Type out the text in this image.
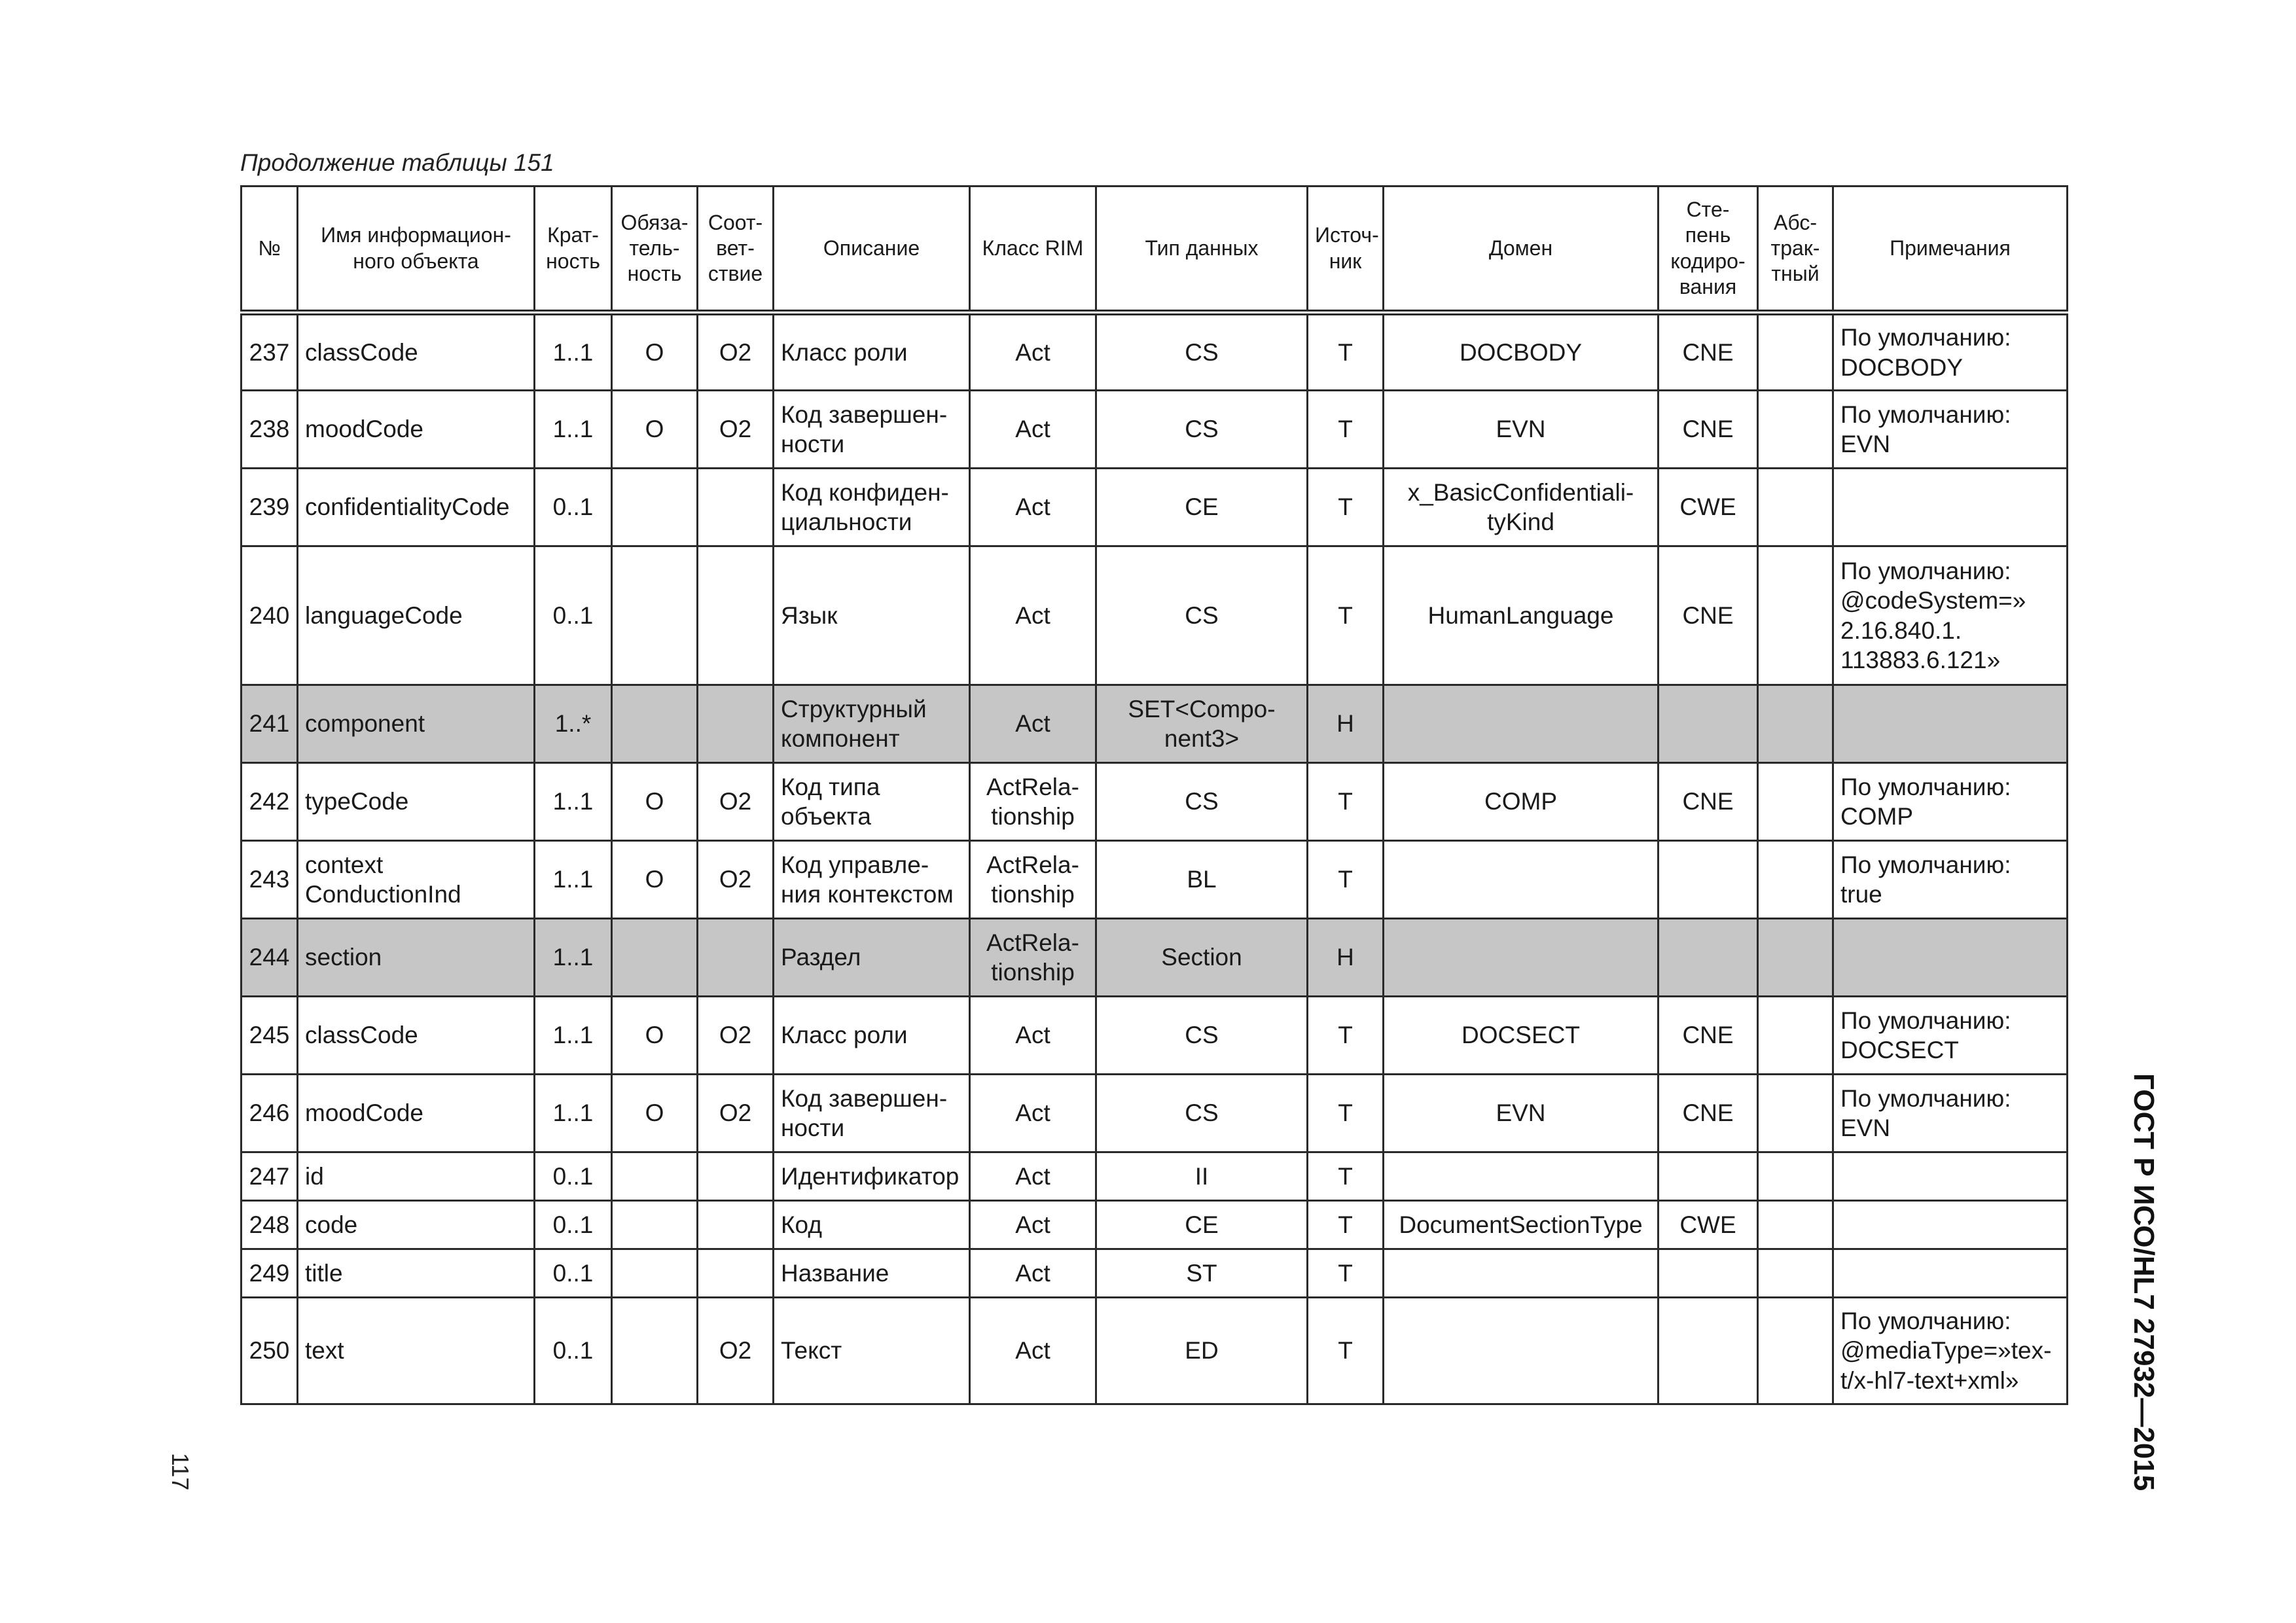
Продолжение таблицы 151
№	Имя информацион-
ного объекта	Крат-
ность	Обяза-
тель-
ность	Соот-
вет-
ствие	Описание	Класс RIM	Тип данных	Источ-
ник	Домен	Сте-
пень
кодиро-
вания	Абс-
трак-
тный	Примечания
237	classCode	1..1	O	O2	Класс роли	Act	CS	T	DOCBODY	CNE		По умолчанию:
DOCBODY
238	moodCode	1..1	O	O2	Код завершен-
ности	Act	CS	T	EVN	CNE		По умолчанию:
EVN
239	confidentialityCode	0..1			Код конфиден-
циальности	Act	CE	T	x_BasicConfidentiali-
tyKind	CWE		
240	languageCode	0..1			Язык	Act	CS	T	HumanLanguage	CNE		По умолчанию:
@codeSystem=»
2.16.840.1.
113883.6.121»
241	component	1..*			Структурный
компонент	Act	SET<Compo-
nent3>	H				
242	typeCode	1..1	O	O2	Код типа
объекта	ActRela-
tionship	CS	T	COMP	CNE		По умолчанию:
COMP
243	context
ConductionInd	1..1	O	O2	Код управле-
ния контекстом	ActRela-
tionship	BL	T				По умолчанию:
true
244	section	1..1			Раздел	ActRela-
tionship	Section	H				
245	classCode	1..1	O	O2	Класс роли	Act	CS	T	DOCSECT	CNE		По умолчанию:
DOCSECT
246	moodCode	1..1	O	O2	Код завершен-
ности	Act	CS	T	EVN	CNE		По умолчанию:
EVN
247	id	0..1			Идентификатор	Act	II	T				
248	code	0..1			Код	Act	CE	T	DocumentSectionType	CWE		
249	title	0..1			Название	Act	ST	T				
250	text	0..1		O2	Текст	Act	ED	T				По умолчанию:
@mediaType=»tex-
t/x-hl7-text+xml»
117	ГОСТ Р ИСО/HL7 27932—2015
